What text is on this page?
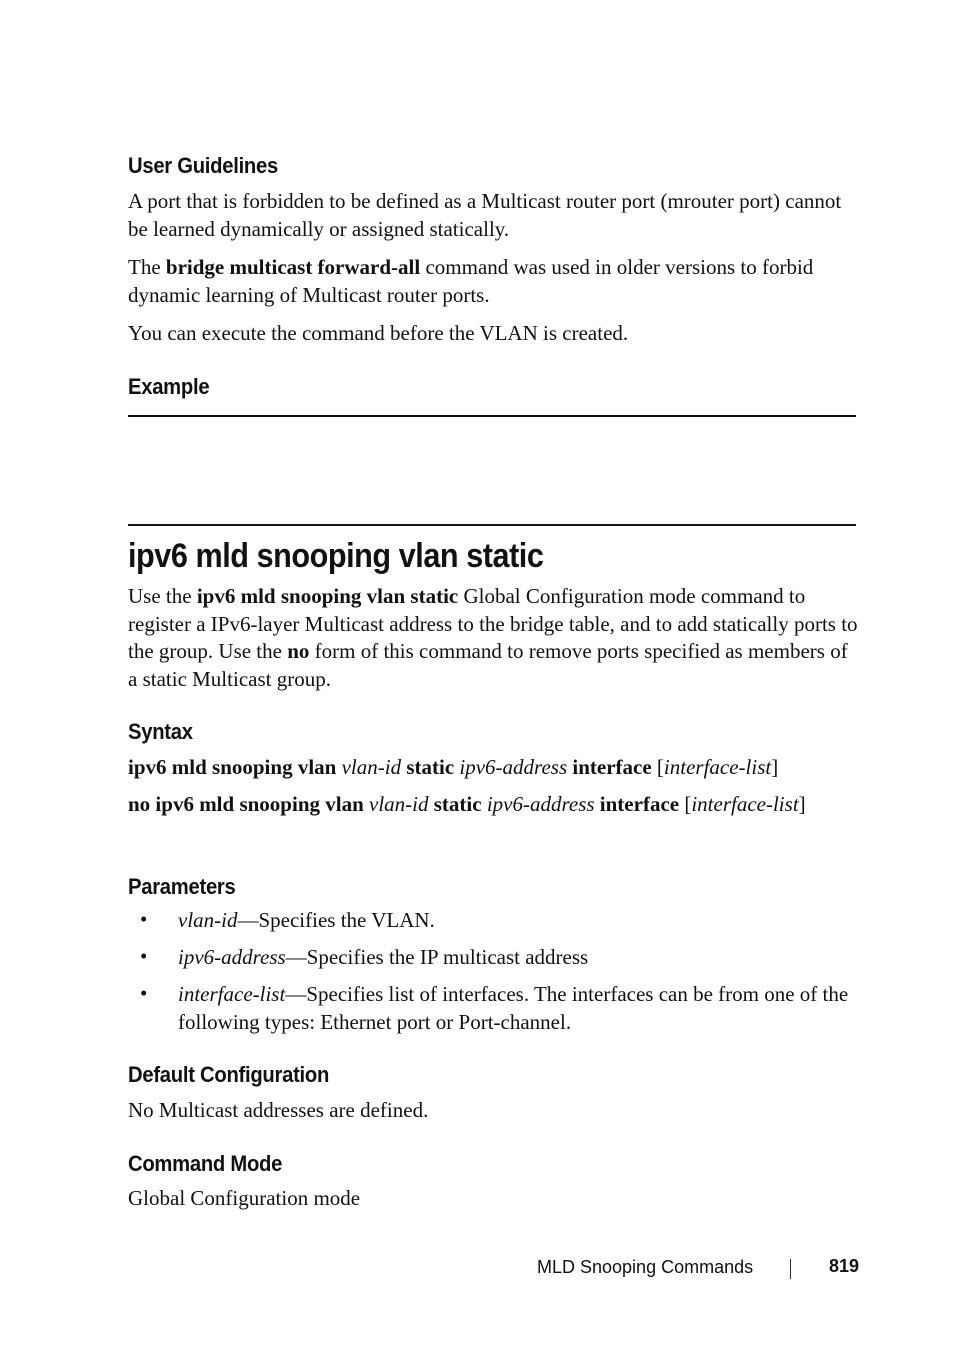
User Guidelines
A port that is forbidden to be defined as a Multicast router port (mrouter port) cannot be learned dynamically or assigned statically.
The bridge multicast forward-all command was used in older versions to forbid dynamic learning of Multicast router ports.
You can execute the command before the VLAN is created.
Example
ipv6 mld snooping vlan static
Use the ipv6 mld snooping vlan static Global Configuration mode command to register a IPv6-layer Multicast address to the bridge table, and to add statically ports to the group. Use the no form of this command to remove ports specified as members of a static Multicast group.
Syntax
ipv6 mld snooping vlan vlan-id static ipv6-address interface [interface-list]
no ipv6 mld snooping vlan vlan-id static ipv6-address interface [interface-list]
Parameters
• vlan-id—Specifies the VLAN.
• ipv6-address—Specifies the IP multicast address
• interface-list—Specifies list of interfaces. The interfaces can be from one of the following types: Ethernet port or Port-channel.
Default Configuration
No Multicast addresses are defined.
Command Mode
Global Configuration mode
MLD Snooping Commands	819
